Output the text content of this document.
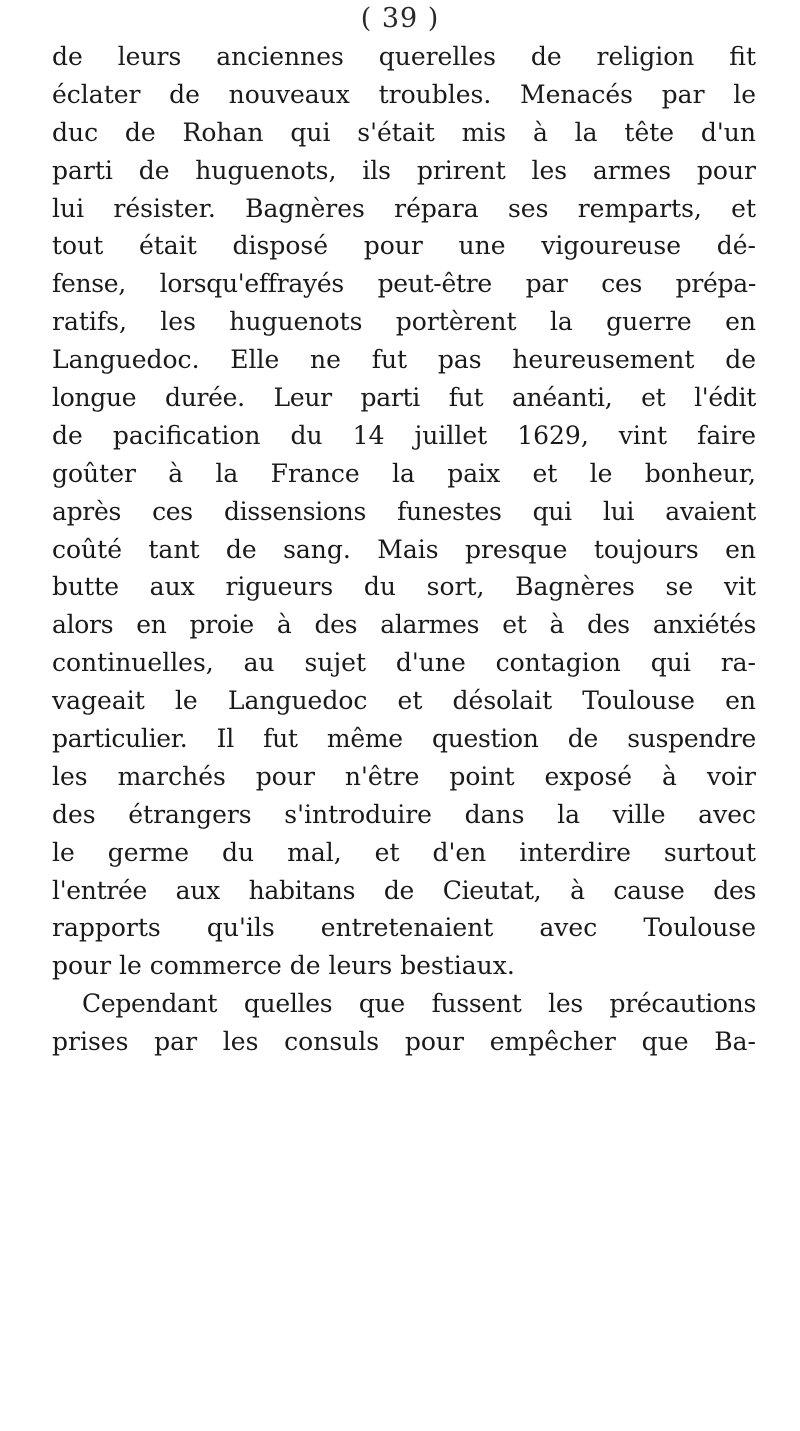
( 39 )
de leurs anciennes querelles de religion fit
éclater de nouveaux troubles. Menacés par le
duc de Rohan qui s'était mis à la tête d'un
parti de huguenots, ils prirent les armes pour
lui résister. Bagnères répara ses remparts, et
tout était disposé pour une vigoureuse dé-
fense, lorsqu'effrayés peut-être par ces prépa-
ratifs, les huguenots portèrent la guerre en
Languedoc. Elle ne fut pas heureusement de
longue durée. Leur parti fut anéanti, et l'édit
de pacification du 14 juillet 1629, vint faire
goûter à la France la paix et le bonheur,
après ces dissensions funestes qui lui avaient
coûté tant de sang. Mais presque toujours en
butte aux rigueurs du sort, Bagnères se vit
alors en proie à des alarmes et à des anxiétés
continuelles, au sujet d'une contagion qui ra-
vageait le Languedoc et désolait Toulouse en
particulier. Il fut même question de suspendre
les marchés pour n'être point exposé à voir
des étrangers s'introduire dans la ville avec
le germe du mal, et d'en interdire surtout
l'entrée aux habitans de Cieutat, à cause des
rapports qu'ils entretenaient avec Toulouse
pour le commerce de leurs bestiaux.
Cependant quelles que fussent les précautions
prises par les consuls pour empêcher que Ba-
